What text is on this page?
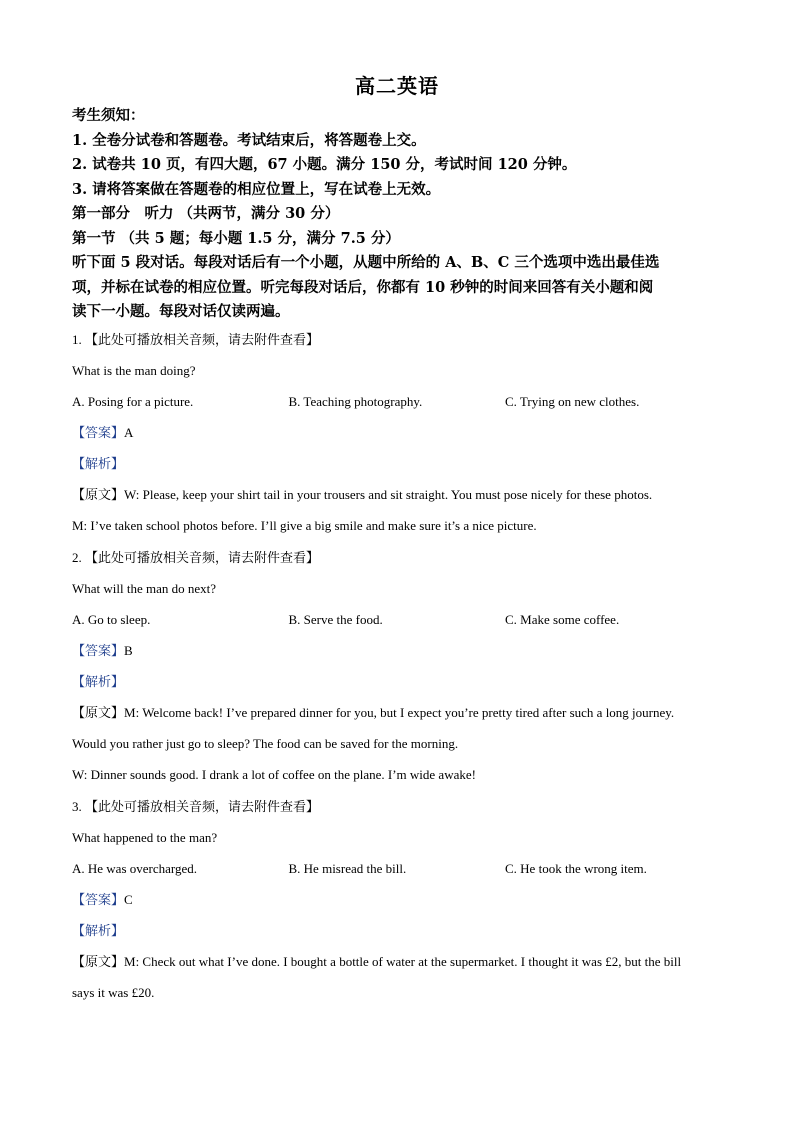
高二英语
考生须知：
1. 全卷分试卷和答题卷。考试结束后，将答题卷上交。
2. 试卷共 10 页，有四大题，67 小题。满分 150 分，考试时间 120 分钟。
3. 请将答案做在答题卷的相应位置上，写在试卷上无效。
第一部分　听力 （共两节，满分 30 分）
第一节 （共 5 题；每小题 1.5 分，满分 7.5 分）
听下面 5 段对话。每段对话后有一个小题，从题中所给的 A、B、C 三个选项中选出最佳选
项，并标在试卷的相应位置。听完每段对话后，你都有 10 秒钟的时间来回答有关小题和阅
读下一小题。每段对话仅读两遍。
1. 【此处可播放相关音频，请去附件查看】
What is the man doing?
A. Posing for a picture.	B. Teaching photography.	C. Trying on new clothes.
【答案】A
【解析】
【原文】W: Please, keep your shirt tail in your trousers and sit straight. You must pose nicely for these photos.
M: I’ve taken school photos before. I’ll give a big smile and make sure it’s a nice picture.
2. 【此处可播放相关音频，请去附件查看】
What will the man do next?
A. Go to sleep.	B. Serve the food.	C. Make some coffee.
【答案】B
【解析】
【原文】M: Welcome back! I’ve prepared dinner for you, but I expect you’re pretty tired after such a long journey.
Would you rather just go to sleep? The food can be saved for the morning.
W: Dinner sounds good. I drank a lot of coffee on the plane. I’m wide awake!
3. 【此处可播放相关音频，请去附件查看】
What happened to the man?
A. He was overcharged.	B. He misread the bill.	C. He took the wrong item.
【答案】C
【解析】
【原文】M: Check out what I’ve done. I bought a bottle of water at the supermarket. I thought it was £2, but the bill
says it was £20.
